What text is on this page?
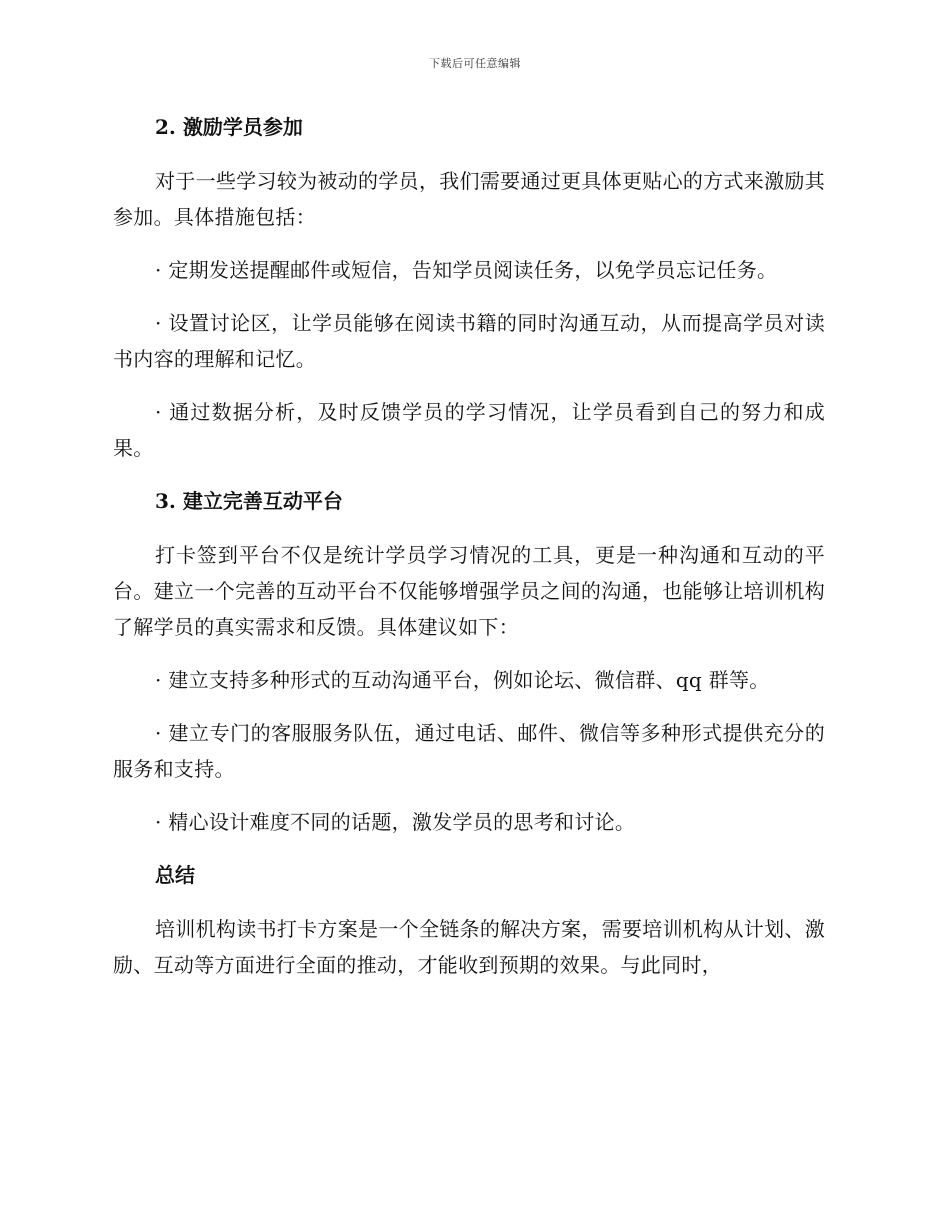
下载后可任意编辑
2. 激励学员参加

对于一些学习较为被动的学员，我们需要通过更具体更贴心的方式来激励其参加。具体措施包括：

· 定期发送提醒邮件或短信，告知学员阅读任务，以免学员忘记任务。

· 设置讨论区，让学员能够在阅读书籍的同时沟通互动，从而提高学员对读书内容的理解和记忆。

· 通过数据分析，及时反馈学员的学习情况，让学员看到自己的努力和成果。

3. 建立完善互动平台

打卡签到平台不仅是统计学员学习情况的工具，更是一种沟通和互动的平台。建立一个完善的互动平台不仅能够增强学员之间的沟通，也能够让培训机构了解学员的真实需求和反馈。具体建议如下：

· 建立支持多种形式的互动沟通平台，例如论坛、微信群、qq 群等。

· 建立专门的客服服务队伍，通过电话、邮件、微信等多种形式提供充分的服务和支持。

· 精心设计难度不同的话题，激发学员的思考和讨论。

总结

培训机构读书打卡方案是一个全链条的解决方案，需要培训机构从计划、激励、互动等方面进行全面的推动，才能收到预期的效果。与此同时，
